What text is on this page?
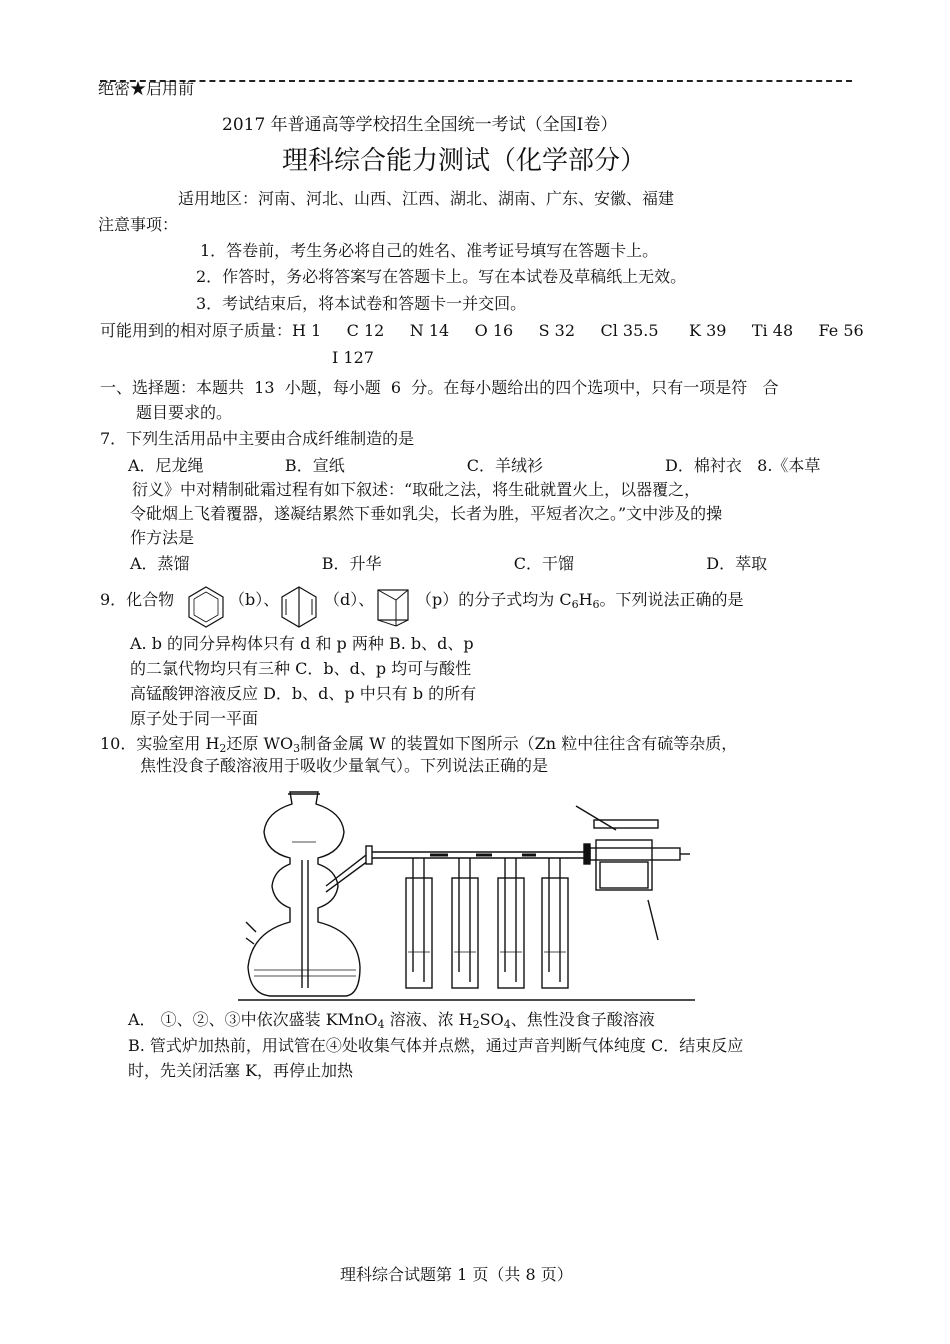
绝密★启用前
2017 年普通高等学校招生全国统一考试（全国Ⅰ卷）
理科综合能力测试（化学部分）
适用地区：河南、河北、山西、江西、湖北、湖南、广东、安徽、福建
注意事项：
1．答卷前，考生务必将自己的姓名、准考证号填写在答题卡上。
2．作答时，务必将答案写在答题卡上。写在本试卷及草稿纸上无效。
3．考试结束后，将本试卷和答题卡一并交回。
可能用到的相对原子质量：H 1     C 12     N 14     O 16     S 32     Cl 35.5      K 39     Ti 48     Fe 56
I 127
一、选择题：本题共  13  小题，每小题  6  分。在每小题给出的四个选项中，只有一项是符   合
题目要求的。
7．下列生活用品中主要由合成纤维制造的是
A．尼龙绳                B．宣纸                        C．羊绒衫                        D．棉衬衣   8.《本草
衍义》中对精制砒霜过程有如下叙述：“取砒之法，将生砒就置火上，以器覆之，
令砒烟上飞着覆器，遂凝结累然下垂如乳尖，长者为胜，平短者次之。”文中涉及的操
作方法是
A．蒸馏                          B．升华                          C．干馏                          D．萃取
9．化合物	（b）、	（d）、	（p）的分子式均为 $C_6H_6$。下列说法正确的是
A. b 的同分异构体只有 d 和 p 两种 B. b、d、p
的二氯代物均只有三种 C．b、d、p 均可与酸性
高锰酸钾溶液反应 D．b、d、p 中只有 b 的所有
原子处于同一平面
10．实验室用 $H_2$还原 $WO_3$制备金属 W 的装置如下图所示（Zn 粒中往往含有硫等杂质，
焦性没食子酸溶液用于吸收少量氧气）。下列说法正确的是
A． ①、②、③中依次盛装 KMnO$_4$ 溶液、浓 $H_2SO_4$、焦性没食子酸溶液
B. 管式炉加热前，用试管在④处收集气体并点燃，通过声音判断气体纯度 C．结束反应
时，先关闭活塞 K，再停止加热
理科综合试题第 1 页（共 8 页）
